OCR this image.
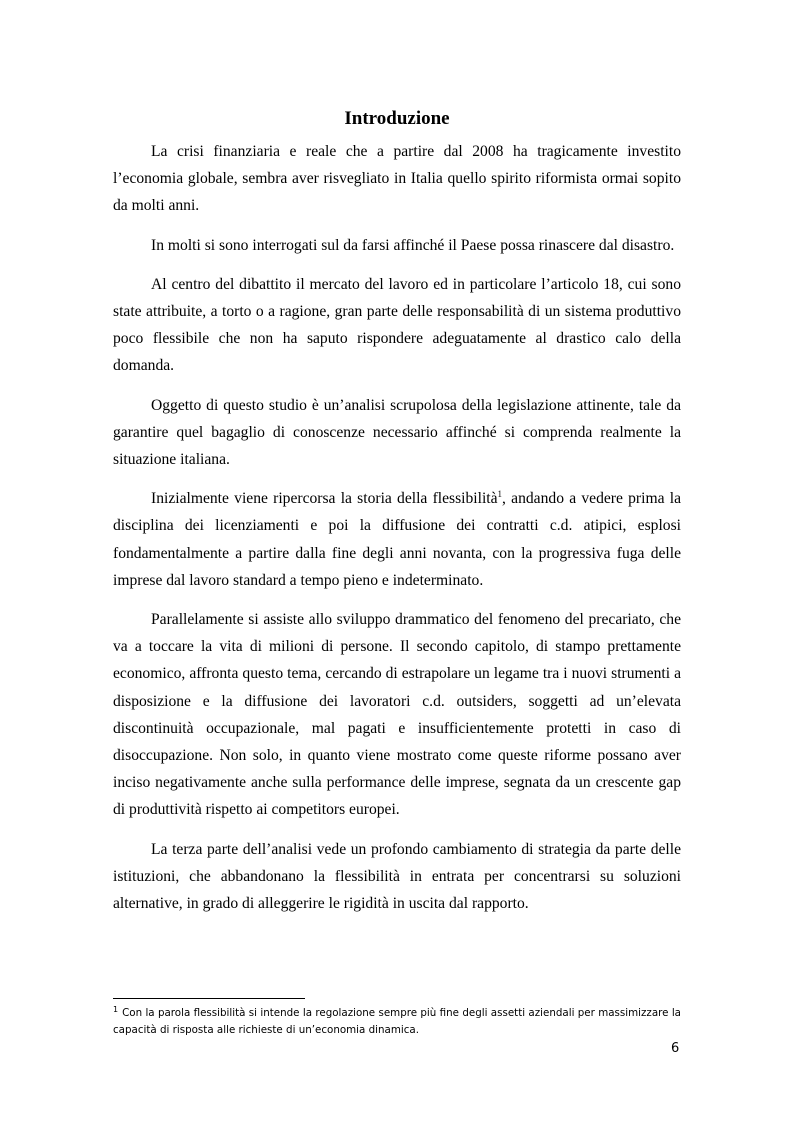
Introduzione

La crisi finanziaria e reale che a partire dal 2008 ha tragicamente investito l’economia globale, sembra aver risvegliato in Italia quello spirito riformista ormai sopito da molti anni.

In molti si sono interrogati sul da farsi affinché il Paese possa rinascere dal disastro.

Al centro del dibattito il mercato del lavoro ed in particolare l’articolo 18, cui sono state attribuite, a torto o a ragione, gran parte delle responsabilità di un sistema produttivo poco flessibile che non ha saputo rispondere adeguatamente al drastico calo della domanda.

Oggetto di questo studio è un’analisi scrupolosa della legislazione attinente, tale da garantire quel bagaglio di conoscenze necessario affinché si comprenda realmente la situazione italiana.

Inizialmente viene ripercorsa la storia della flessibilità$^1$, andando a vedere prima la disciplina dei licenziamenti e poi la diffusione dei contratti c.d. atipici, esplosi fondamentalmente a partire dalla fine degli anni novanta, con la progressiva fuga delle imprese dal lavoro standard a tempo pieno e indeterminato.

Parallelamente si assiste allo sviluppo drammatico del fenomeno del precariato, che va a toccare la vita di milioni di persone. Il secondo capitolo, di stampo prettamente economico, affronta questo tema, cercando di estrapolare un legame tra i nuovi strumenti a disposizione e la diffusione dei lavoratori c.d. outsiders, soggetti ad un’elevata discontinuità occupazionale, mal pagati e insufficientemente protetti in caso di disoccupazione. Non solo, in quanto viene mostrato come queste riforme possano aver inciso negativamente anche sulla performance delle imprese, segnata da un crescente gap di produttività rispetto ai competitors europei.

La terza parte dell’analisi vede un profondo cambiamento di strategia da parte delle istituzioni, che abbandonano la flessibilità in entrata per concentrarsi su soluzioni alternative, in grado di alleggerire le rigidità in uscita dal rapporto.

$^1$ Con la parola flessibilità si intende la regolazione sempre più fine degli assetti aziendali per massimizzare la capacità di risposta alle richieste di un’economia dinamica.
6
